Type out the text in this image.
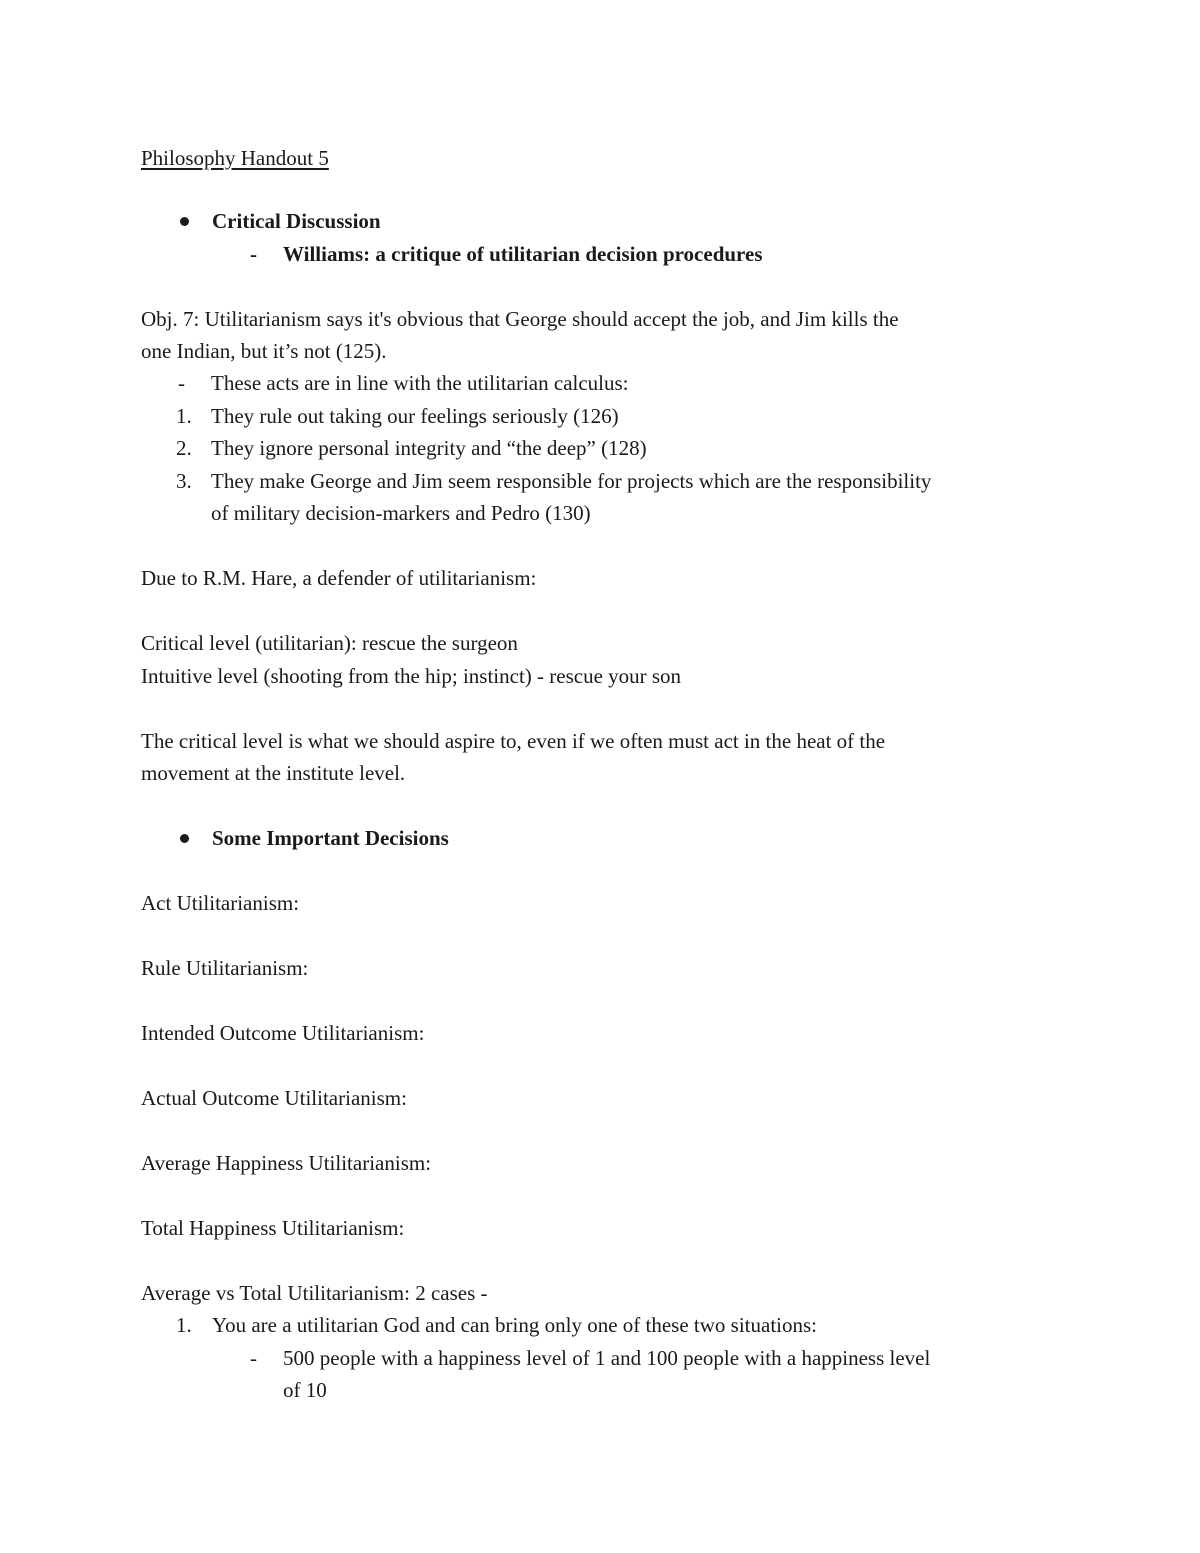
Philosophy Handout 5
Critical Discussion
- Williams: a critique of utilitarian decision procedures
Obj. 7: Utilitarianism says it's obvious that George should accept the job, and Jim kills the
one Indian, but it’s not (125).
- These acts are in line with the utilitarian calculus:
1. They rule out taking our feelings seriously (126)
2. They ignore personal integrity and “the deep” (128)
3. They make George and Jim seem responsible for projects which are the responsibility
of military decision-markers and Pedro (130)
Due to R.M. Hare, a defender of utilitarianism:
Critical level (utilitarian): rescue the surgeon
Intuitive level (shooting from the hip; instinct) - rescue your son
The critical level is what we should aspire to, even if we often must act in the heat of the
movement at the institute level.
Some Important Decisions
Act Utilitarianism:
Rule Utilitarianism:
Intended Outcome Utilitarianism:
Actual Outcome Utilitarianism:
Average Happiness Utilitarianism:
Total Happiness Utilitarianism:
Average vs Total Utilitarianism: 2 cases -
1. You are a utilitarian God and can bring only one of these two situations:
- 500 people with a happiness level of 1 and 100 people with a happiness level
of 10
